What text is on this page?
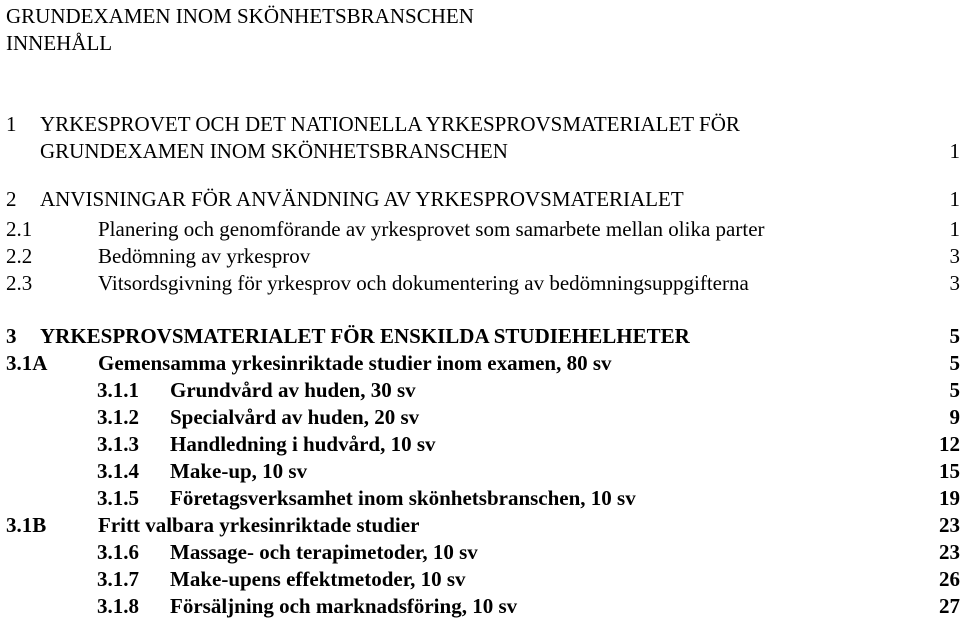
GRUNDEXAMEN INOM SKÖNHETSBRANSCHEN
INNEHÅLL
1 YRKESPROVET OCH DET NATIONELLA YRKESPROVSMATERIALET FÖR
GRUNDEXAMEN INOM SKÖNHETSBRANSCHEN	1
2 ANVISNINGAR FÖR ANVÄNDNING AV YRKESPROVSMATERIALET	1
2.1	Planering och genomförande av yrkesprovet som samarbete mellan olika parter	1
2.2	Bedömning av yrkesprov	3
2.3	Vitsordsgivning för yrkesprov och dokumentering av bedömningsuppgifterna	3
3 YRKESPROVSMATERIALET FÖR ENSKILDA STUDIEHELHETER	5
3.1A Gemensamma yrkesinriktade studier inom examen, 80 sv	5
3.1.1 Grundvård av huden, 30 sv	5
3.1.2 Specialvård av huden, 20 sv	9
3.1.3 Handledning i hudvård, 10 sv	12
3.1.4 Make-up, 10 sv	15
3.1.5 Företagsverksamhet inom skönhetsbranschen, 10 sv	19
3.1B Fritt valbara yrkesinriktade studier	23
3.1.6 Massage- och terapimetoder, 10 sv	23
3.1.7 Make-upens effektmetoder, 10 sv	26
3.1.8 Försäljning och marknadsföring, 10 sv	27
